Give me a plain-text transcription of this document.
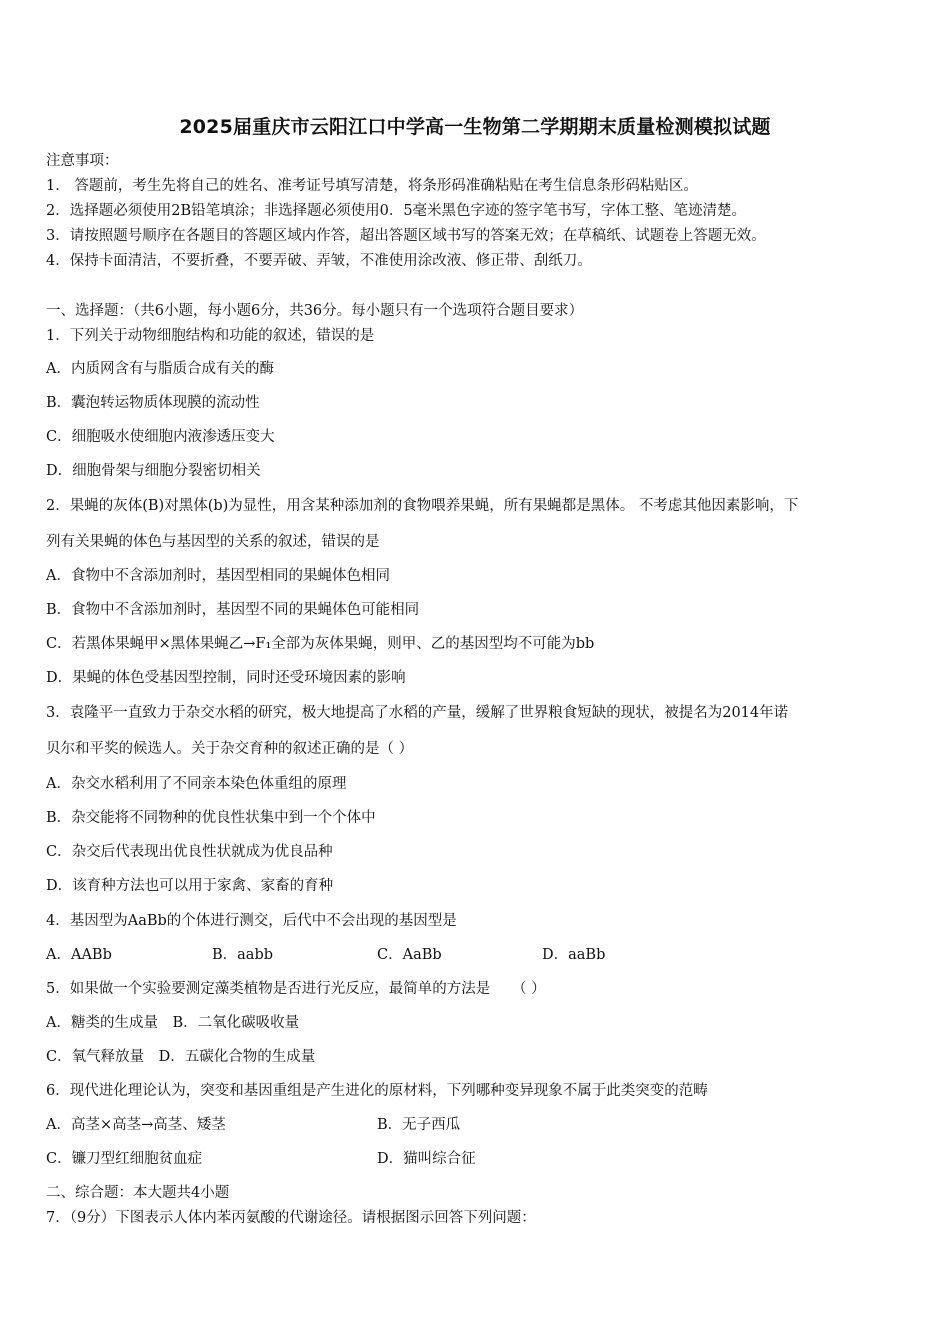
2025届重庆市云阳江口中学高一生物第二学期期末质量检测模拟试题
注意事项：
1． 答题前，考生先将自己的姓名、准考证号填写清楚，将条形码准确粘贴在考生信息条形码粘贴区。
2．选择题必须使用2B铅笔填涂；非选择题必须使用0．5毫米黑色字迹的签字笔书写，字体工整、笔迹清楚。
3．请按照题号顺序在各题目的答题区域内作答，超出答题区域书写的答案无效；在草稿纸、试题卷上答题无效。
4．保持卡面清洁，不要折叠，不要弄破、弄皱，不准使用涂改液、修正带、刮纸刀。
一、选择题：（共6小题，每小题6分，共36分。每小题只有一个选项符合题目要求）
1．下列关于动物细胞结构和功能的叙述，错误的是
A．内质网含有与脂质合成有关的酶
B．囊泡转运物质体现膜的流动性
C．细胞吸水使细胞内液渗透压变大
D．细胞骨架与细胞分裂密切相关
2．果蝇的灰体(B)对黑体(b)为显性，用含某种添加剂的食物喂养果蝇，所有果蝇都是黑体。 不考虑其他因素影响，下
列有关果蝇的体色与基因型的关系的叙述，错误的是
A．食物中不含添加剂时，基因型相同的果蝇体色相同
B．食物中不含添加剂时，基因型不同的果蝇体色可能相同
C．若黑体果蝇甲×黑体果蝇乙→F₁全部为灰体果蝇，则甲、乙的基因型均不可能为bb
D．果蝇的体色受基因型控制，同时还受环境因素的影响
3．袁隆平一直致力于杂交水稻的研究，极大地提高了水稻的产量，缓解了世界粮食短缺的现状，被提名为2014年诺
贝尔和平奖的候选人。关于杂交育种的叙述正确的是（ ）
A．杂交水稻利用了不同亲本染色体重组的原理
B．杂交能将不同物种的优良性状集中到一个个体中
C．杂交后代表现出优良性状就成为优良品种
D．该育种方法也可以用于家禽、家畜的育种
4．基因型为AaBb的个体进行测交，后代中不会出现的基因型是
A．AABb	B．aabb	C．AaBb	D．aaBb
5．如果做一个实验要测定藻类植物是否进行光反应，最简单的方法是　　（ ）
A．糖类的生成量　B．二氧化碳吸收量
C．氧气释放量　D．五碳化合物的生成量
6．现代进化理论认为，突变和基因重组是产生进化的原材料，下列哪种变异现象不属于此类突变的范畴
A．高茎×高茎→高茎、矮茎	B．无子西瓜
C．镰刀型红细胞贫血症	D．猫叫综合征
二、综合题：本大题共4小题
7．（9分）下图表示人体内苯丙氨酸的代谢途径。请根据图示回答下列问题：
